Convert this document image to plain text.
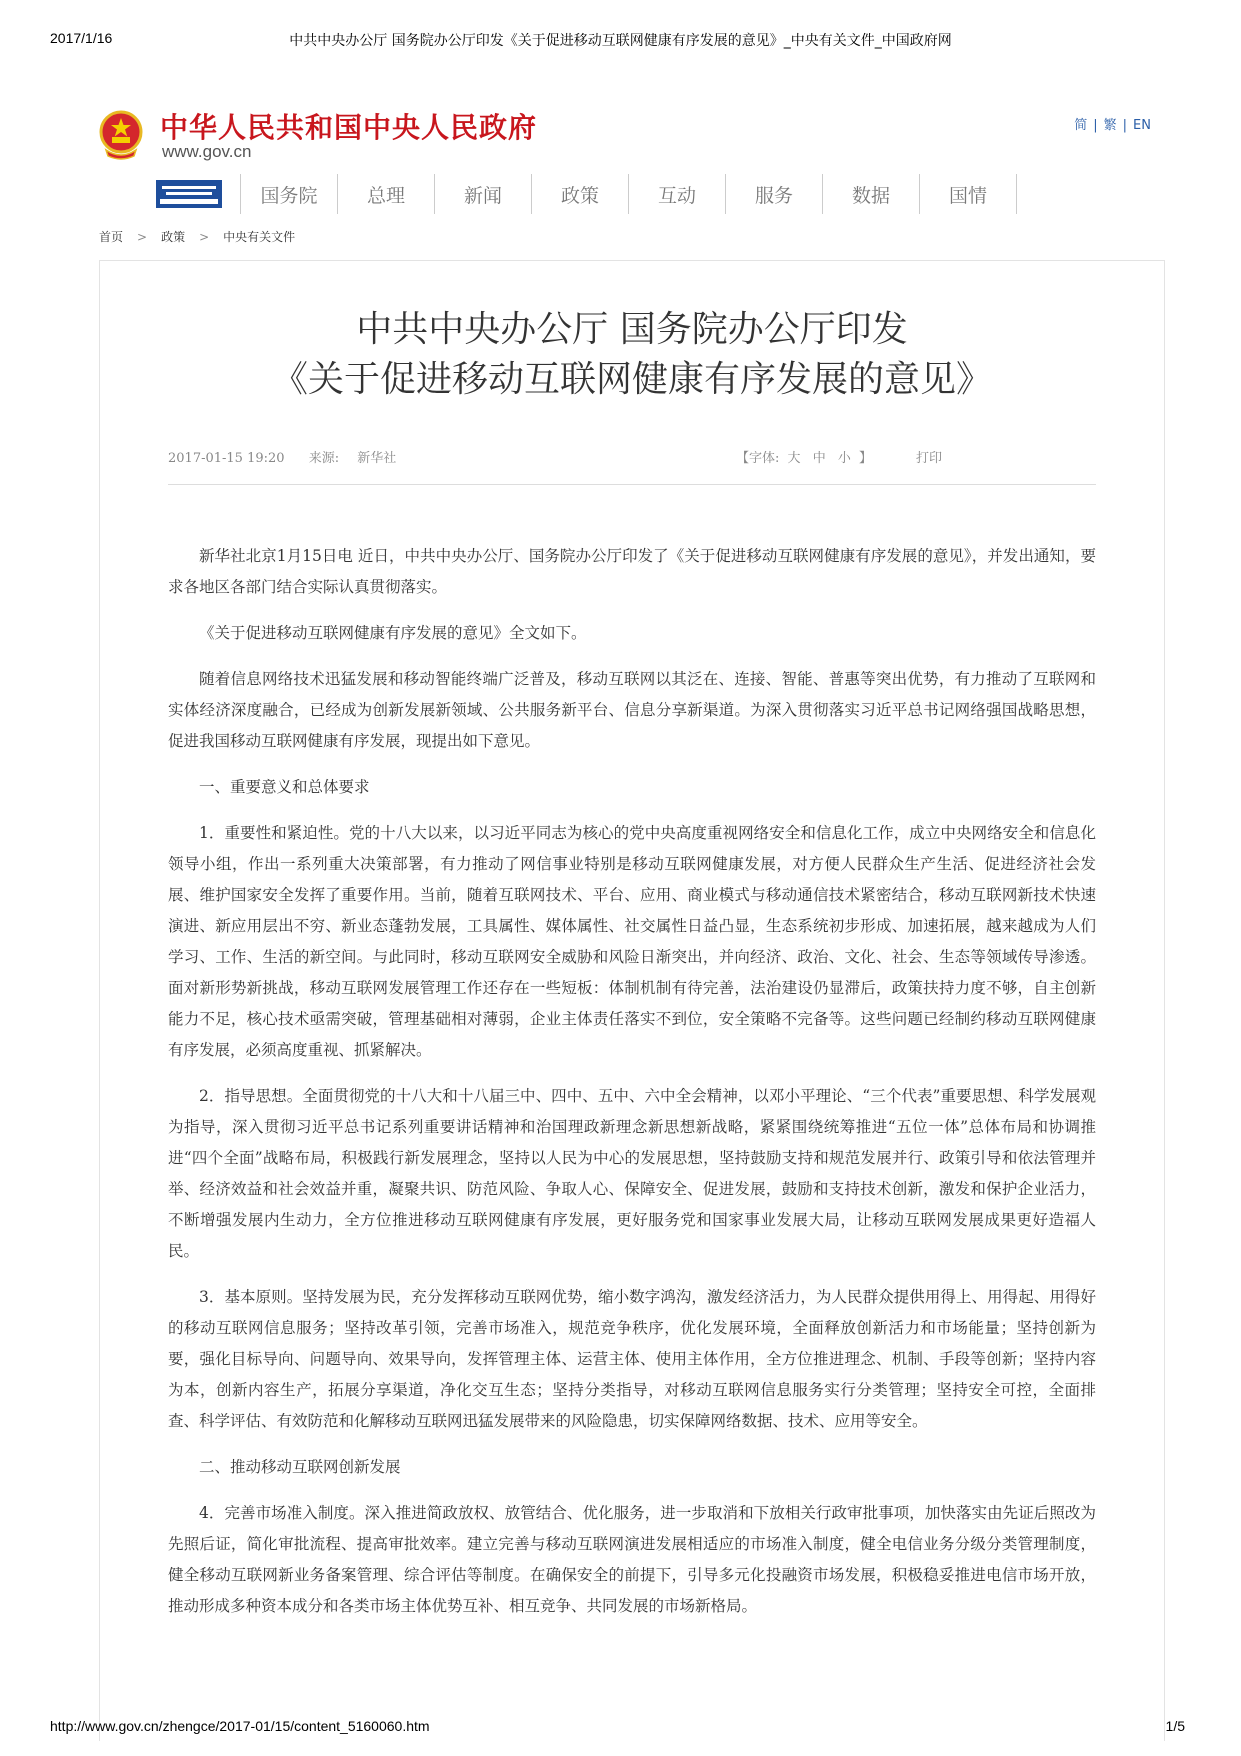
2017/1/16	中共中央办公厅 国务院办公厅印发《关于促进移动互联网健康有序发展的意见》_中央有关文件_中国政府网
中华人民共和国中央人民政府
www.gov.cn
简 | 繁 | EN
国务院	总理	新闻	政策	互动	服务	数据	国情
首页 > 政策 > 中央有关文件
中共中央办公厅 国务院办公厅印发
《关于促进移动互联网健康有序发展的意见》
2017-01-15 19:20 来源: 新华社	【字体: 大 中 小 】	打印

新华社北京1月15日电 近日，中共中央办公厅、国务院办公厅印发了《关于促进移动互联网健康有序发展的意见》，并发出通知，要求各地区各部门结合实际认真贯彻落实。

《关于促进移动互联网健康有序发展的意见》全文如下。

随着信息网络技术迅猛发展和移动智能终端广泛普及，移动互联网以其泛在、连接、智能、普惠等突出优势，有力推动了互联网和实体经济深度融合，已经成为创新发展新领域、公共服务新平台、信息分享新渠道。为深入贯彻落实习近平总书记网络强国战略思想，促进我国移动互联网健康有序发展，现提出如下意见。

一、重要意义和总体要求

1．重要性和紧迫性。党的十八大以来，以习近平同志为核心的党中央高度重视网络安全和信息化工作，成立中央网络安全和信息化领导小组，作出一系列重大决策部署，有力推动了网信事业特别是移动互联网健康发展，对方便人民群众生产生活、促进经济社会发展、维护国家安全发挥了重要作用。当前，随着互联网技术、平台、应用、商业模式与移动通信技术紧密结合，移动互联网新技术快速演进、新应用层出不穷、新业态蓬勃发展，工具属性、媒体属性、社交属性日益凸显，生态系统初步形成、加速拓展，越来越成为人们学习、工作、生活的新空间。与此同时，移动互联网安全威胁和风险日渐突出，并向经济、政治、文化、社会、生态等领域传导渗透。面对新形势新挑战，移动互联网发展管理工作还存在一些短板：体制机制有待完善，法治建设仍显滞后，政策扶持力度不够，自主创新能力不足，核心技术亟需突破，管理基础相对薄弱，企业主体责任落实不到位，安全策略不完备等。这些问题已经制约移动互联网健康有序发展，必须高度重视、抓紧解决。

2．指导思想。全面贯彻党的十八大和十八届三中、四中、五中、六中全会精神，以邓小平理论、“三个代表”重要思想、科学发展观为指导，深入贯彻习近平总书记系列重要讲话精神和治国理政新理念新思想新战略，紧紧围绕统筹推进“五位一体”总体布局和协调推进“四个全面”战略布局，积极践行新发展理念，坚持以人民为中心的发展思想，坚持鼓励支持和规范发展并行、政策引导和依法管理并举、经济效益和社会效益并重，凝聚共识、防范风险、争取人心、保障安全、促进发展，鼓励和支持技术创新，激发和保护企业活力，不断增强发展内生动力，全方位推进移动互联网健康有序发展，更好服务党和国家事业发展大局，让移动互联网发展成果更好造福人民。

3．基本原则。坚持发展为民，充分发挥移动互联网优势，缩小数字鸿沟，激发经济活力，为人民群众提供用得上、用得起、用得好的移动互联网信息服务；坚持改革引领，完善市场准入，规范竞争秩序，优化发展环境，全面释放创新活力和市场能量；坚持创新为要，强化目标导向、问题导向、效果导向，发挥管理主体、运营主体、使用主体作用，全方位推进理念、机制、手段等创新；坚持内容为本，创新内容生产，拓展分享渠道，净化交互生态；坚持分类指导，对移动互联网信息服务实行分类管理；坚持安全可控，全面排查、科学评估、有效防范和化解移动互联网迅猛发展带来的风险隐患，切实保障网络数据、技术、应用等安全。

二、推动移动互联网创新发展

4．完善市场准入制度。深入推进简政放权、放管结合、优化服务，进一步取消和下放相关行政审批事项，加快落实由先证后照改为先照后证，简化审批流程、提高审批效率。建立完善与移动互联网演进发展相适应的市场准入制度，健全电信业务分级分类管理制度，健全移动互联网新业务备案管理、综合评估等制度。在确保安全的前提下，引导多元化投融资市场发展，积极稳妥推进电信市场开放，推动形成多种资本成分和各类市场主体优势互补、相互竞争、共同发展的市场新格局。

http://www.gov.cn/zhengce/2017-01/15/content_5160060.htm	1/5
